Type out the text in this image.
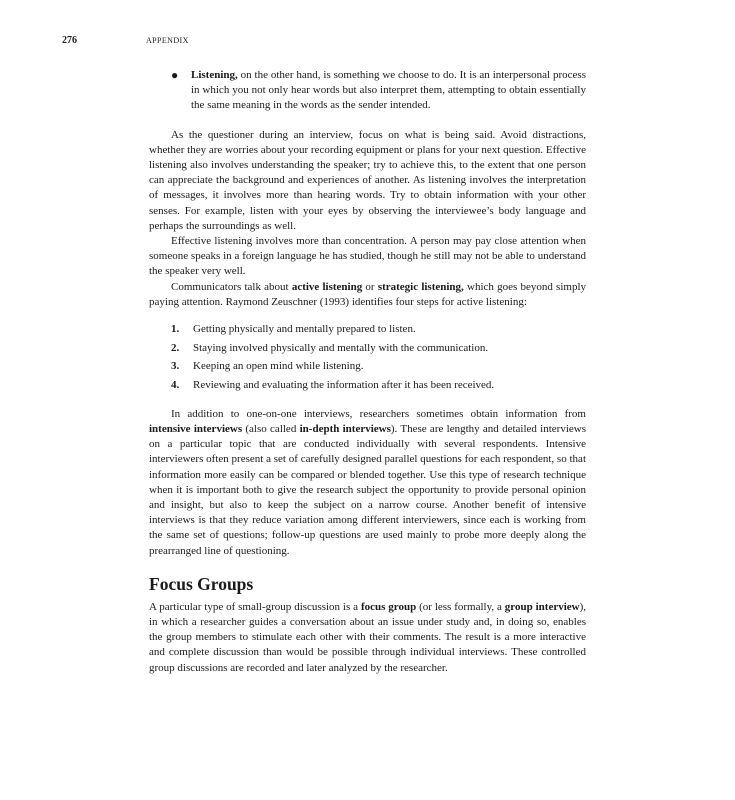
276	APPENDIX
● Listening, on the other hand, is something we choose to do. It is an interpersonal process in which you not only hear words but also interpret them, attempting to obtain essentially the same meaning in the words as the sender intended.

As the questioner during an interview, focus on what is being said. Avoid distractions, whether they are worries about your recording equipment or plans for your next question. Effective listening also involves understanding the speaker; try to achieve this, to the extent that one person can appreciate the background and experiences of another. As listening involves the interpretation of messages, it involves more than hearing words. Try to obtain information with your other senses. For example, listen with your eyes by observing the interviewee’s body language and perhaps the surroundings as well.

Effective listening involves more than concentration. A person may pay close attention when someone speaks in a foreign language he has studied, though he still may not be able to understand the speaker very well.

Communicators talk about active listening or strategic listening, which goes beyond simply paying attention. Raymond Zeuschner (1993) identifies four steps for active listening:

1. Getting physically and mentally prepared to listen.
2. Staying involved physically and mentally with the communication.
3. Keeping an open mind while listening.
4. Reviewing and evaluating the information after it has been received.

In addition to one-on-one interviews, researchers sometimes obtain information from intensive interviews (also called in-depth interviews). These are lengthy and detailed interviews on a particular topic that are conducted individually with several respondents. Intensive interviewers often present a set of carefully designed parallel questions for each respondent, so that information more easily can be compared or blended together. Use this type of research technique when it is important both to give the research subject the opportunity to provide personal opinion and insight, but also to keep the subject on a narrow course. Another benefit of intensive interviews is that they reduce variation among different interviewers, since each is working from the same set of questions; follow-up questions are used mainly to probe more deeply along the prearranged line of questioning.

Focus Groups

A particular type of small-group discussion is a focus group (or less formally, a group interview), in which a researcher guides a conversation about an issue under study and, in doing so, enables the group members to stimulate each other with their comments. The result is a more interactive and complete discussion than would be possible through individual interviews. These controlled group discussions are recorded and later analyzed by the researcher.
